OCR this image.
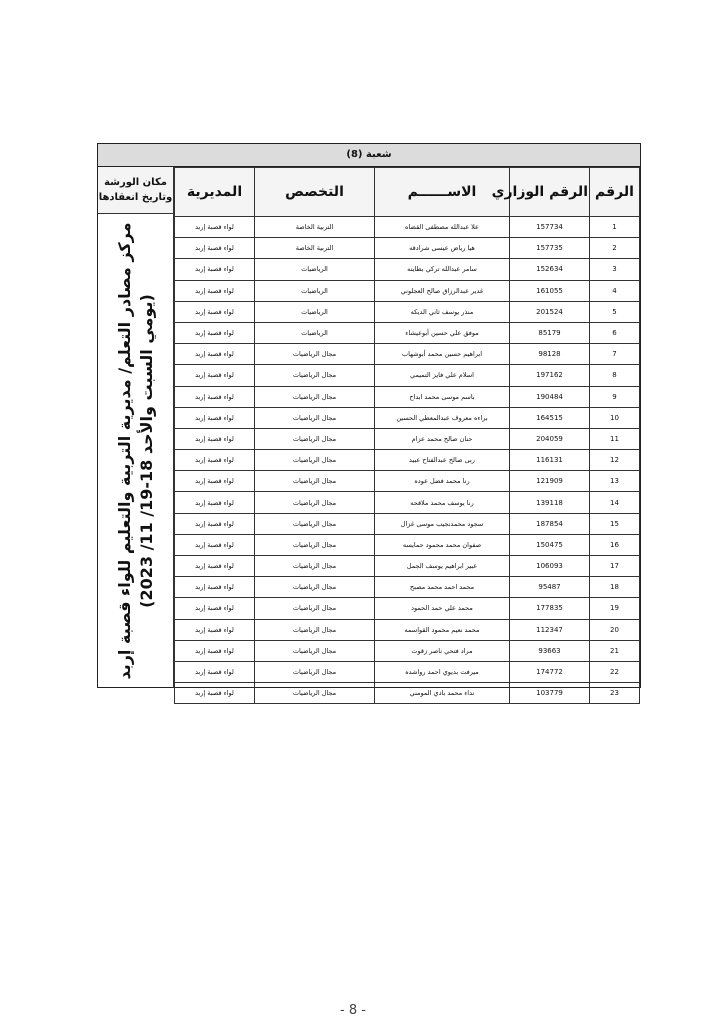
شعبة (8)
الرقم	الرقم الوزاري	الاســــــم	التخصص	المديرية
1	157734	علا عبدالله مصطفى القضاه	التربية الخاصة	لواء قصبة إربد
2	157735	هيا رياض عيسى شرادقه	التربية الخاصة	لواء قصبة إربد
3	152634	سامر عبدالله تركي بطاينه	الرياضيات	لواء قصبة إربد
4	161055	غدير عبدالرزاق صالح العجلوني	الرياضيات	لواء قصبة إربد
5	201524	منذر يوسف ثاني الديكه	الرياضيات	لواء قصبة إربد
6	85179	موفق علي حسين أبوعيشاء	الرياضيات	لواء قصبة إربد
7	98128	ابراهيم حسين محمد أبوشهاب	مجال الرياضيات	لواء قصبة إربد
8	197162	اسلام علي فايز التميمي	مجال الرياضيات	لواء قصبة إربد
9	190484	باسم موسى محمد ابداح	مجال الرياضيات	لواء قصبة إربد
10	164515	براءه معروف عبدالمعطي الحسين	مجال الرياضيات	لواء قصبة إربد
11	204059	حنان صالح محمد عزام	مجال الرياضيات	لواء قصبة إربد
12	116131	ربى صالح عبدالفتاح عبيد	مجال الرياضيات	لواء قصبة إربد
13	121909	رنا محمد فضل عوده	مجال الرياضيات	لواء قصبة إربد
14	139118	رنا يوسف محمد ملاقحه	مجال الرياضيات	لواء قصبة إربد
15	187854	سجود محمدنجيب موسى غزال	مجال الرياضيات	لواء قصبة إربد
16	150475	صفوان محمد محمود حمايسه	مجال الرياضيات	لواء قصبة إربد
17	106093	عبير ابراهيم يوسف الجمل	مجال الرياضيات	لواء قصبة إربد
18	95487	محمد احمد محمد مصبح	مجال الرياضيات	لواء قصبة إربد
19	177835	محمد علي حمد الحمود	مجال الرياضيات	لواء قصبة إربد
20	112347	محمد نعيم محمود القواسمه	مجال الرياضيات	لواء قصبة إربد
21	93663	مراد فتحي ناصر زقوت	مجال الرياضيات	لواء قصبة إربد
22	174772	ميرفت بديوي احمد رواشده	مجال الرياضيات	لواء قصبة إربد
23	103779	نداء محمد بادي المومني	مجال الرياضيات	لواء قصبة إربد
مكان الورشة
وتاريخ انعقادها
مركز مصادر التعلم/ مديرية التربية والتعليم للواء قصبة إربد (يومي السبت والأحد 18-19/ 11/ 2023)
- 8 -
